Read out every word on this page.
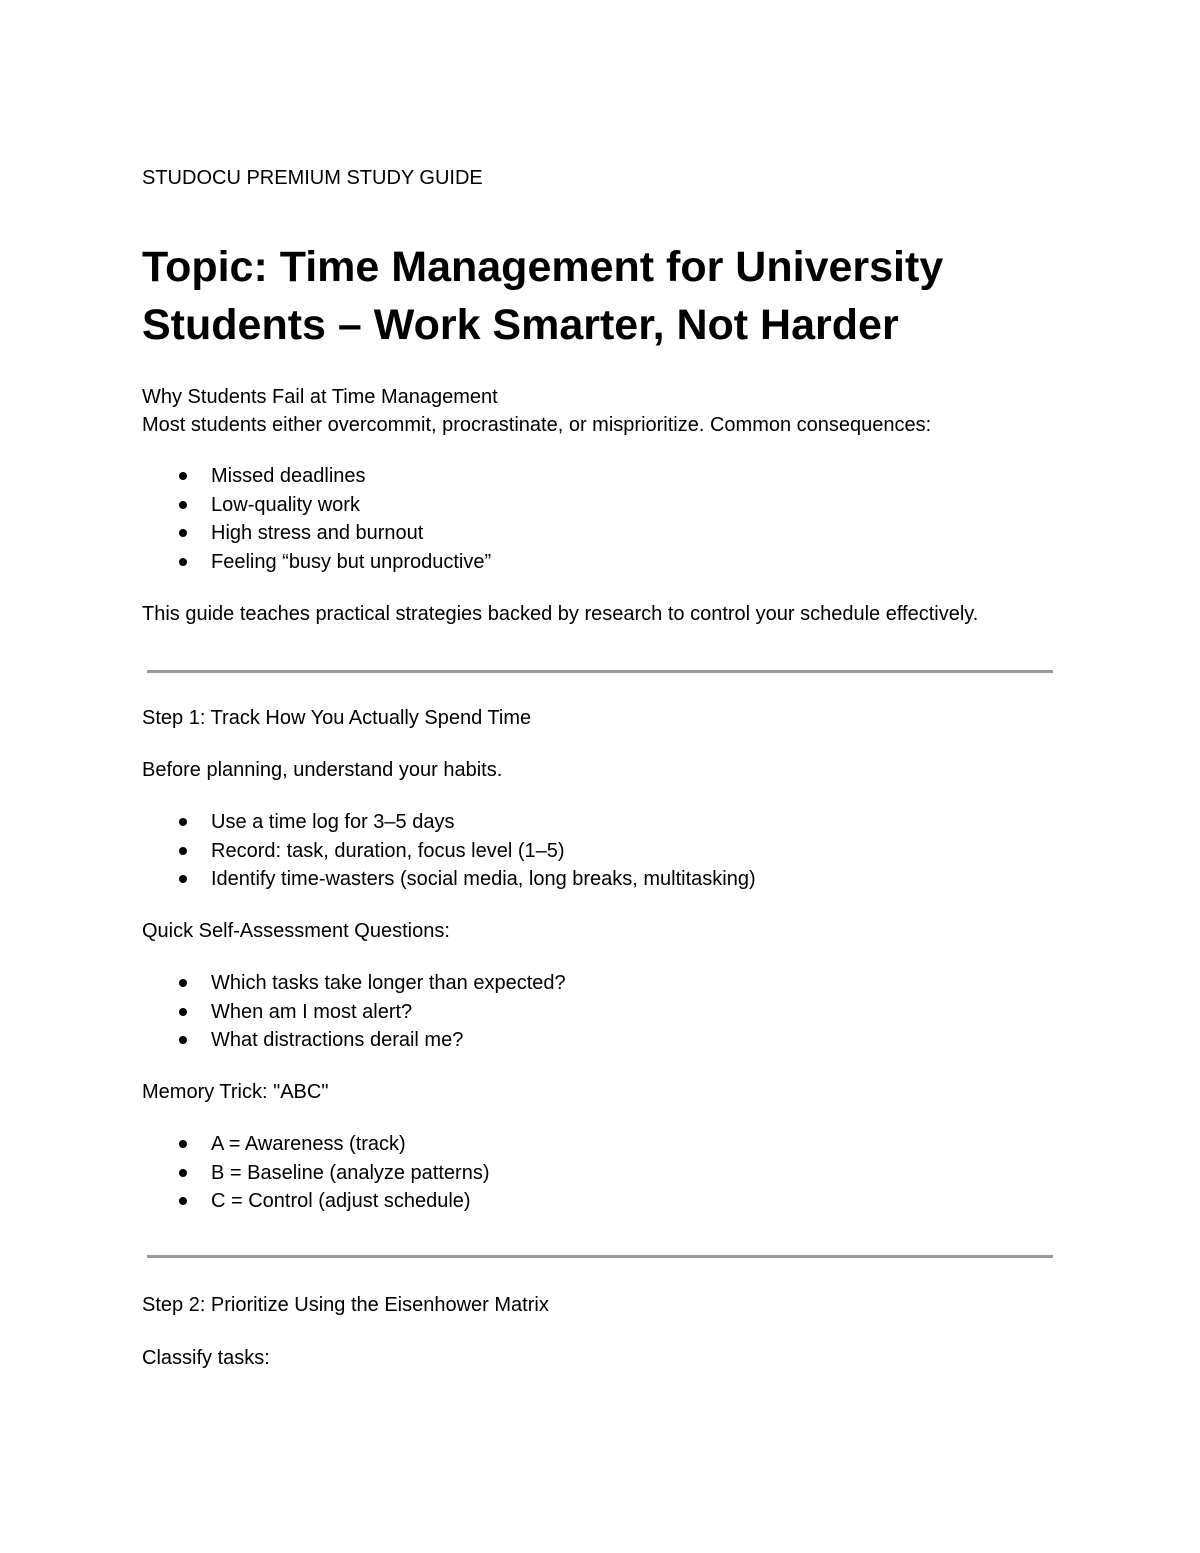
STUDOCU PREMIUM STUDY GUIDE

Topic: Time Management for University Students – Work Smarter, Not Harder

Why Students Fail at Time Management

Most students either overcommit, procrastinate, or misprioritize. Common consequences:

Missed deadlines
Low-quality work
High stress and burnout
Feeling “busy but unproductive”

This guide teaches practical strategies backed by research to control your schedule effectively.

Step 1: Track How You Actually Spend Time

Before planning, understand your habits.

Use a time log for 3–5 days
Record: task, duration, focus level (1–5)
Identify time-wasters (social media, long breaks, multitasking)

Quick Self-Assessment Questions:

Which tasks take longer than expected?
When am I most alert?
What distractions derail me?

Memory Trick: "ABC"

A = Awareness (track)
B = Baseline (analyze patterns)
C = Control (adjust schedule)

Step 2: Prioritize Using the Eisenhower Matrix

Classify tasks:
